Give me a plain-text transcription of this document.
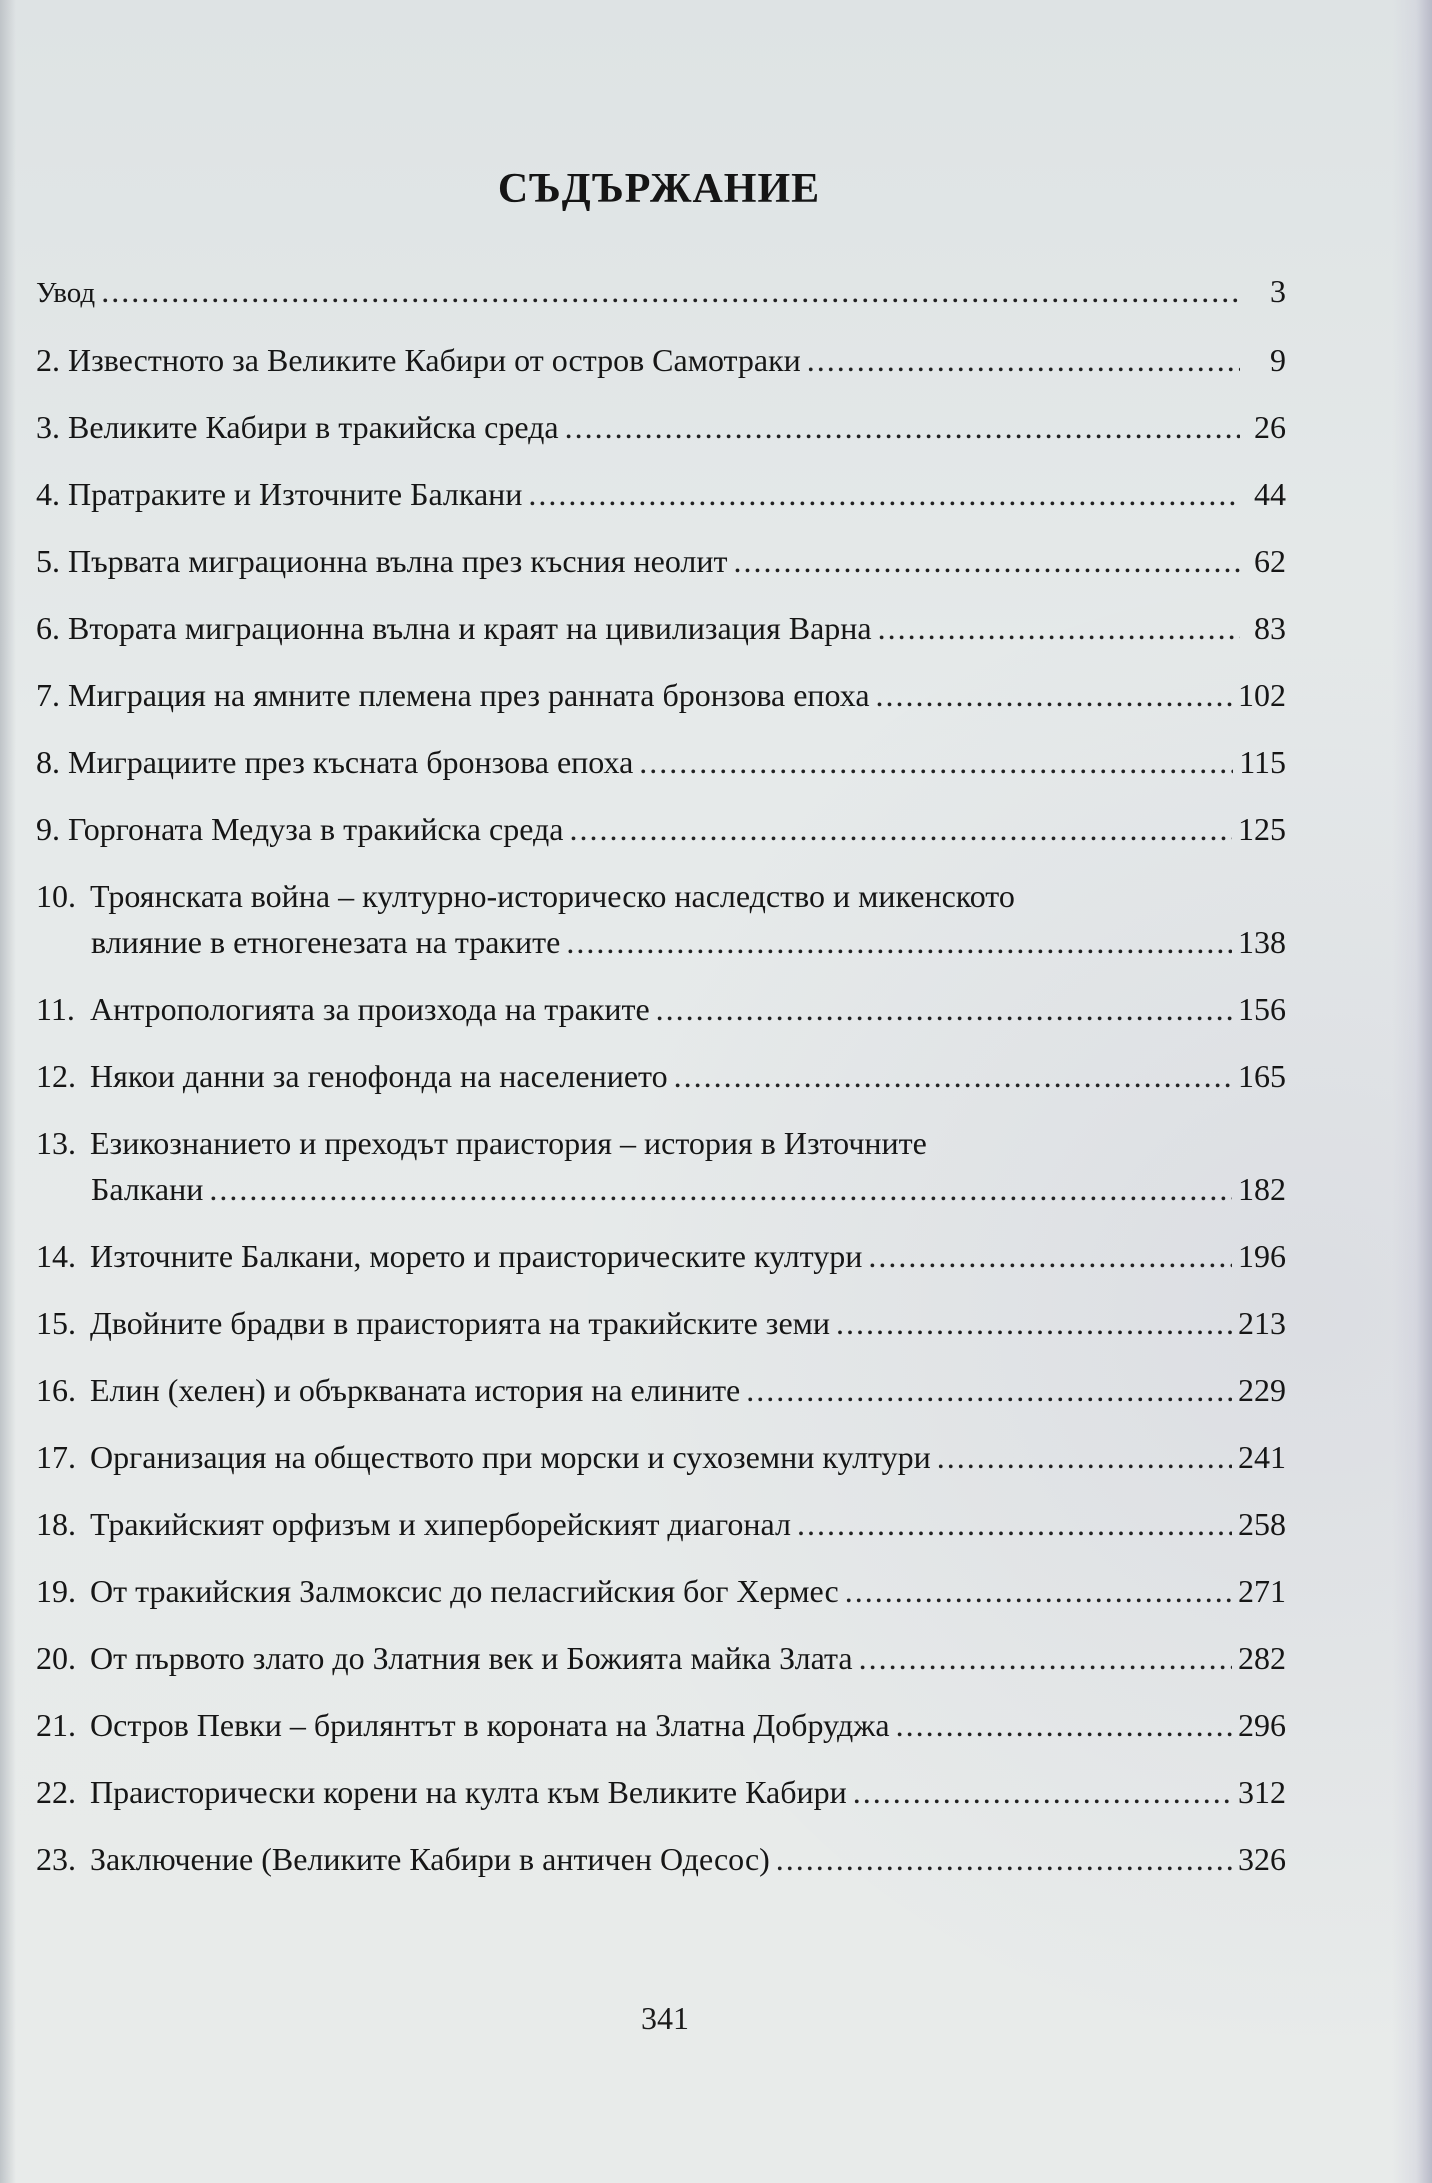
СЪДЪРЖАНИЕ
Увод .....	3
2. Известното за Великите Кабири от остров Самотраки .....	9
3. Великите Кабири в тракийска среда .....	26
4. Пратраките и Източните Балкани .....	44
5. Първата миграционна вълна през късния неолит .....	62
6. Втората миграционна вълна и краят на цивилизация Варна .....	83
7. Миграция на ямните племена през ранната бронзова епоха .....	102
8. Миграциите през късната бронзова епоха .....	115
9. Горгоната Медуза в тракийска среда .....	125
10. Троянската война – културно-историческо наследство и микенското
влияние в етногенезата на траките .....	138
11. Антропологията за произхода на траките .....	156
12. Някои данни за генофонда на населението .....	165
13. Езикознанието и преходът праистория – история в Източните
Балкани .....	182
14. Източните Балкани, морето и праисторическите култури .....	196
15. Двойните брадви в праисторията на тракийските земи .....	213
16. Елин (хелен) и объркваната история на елините .....	229
17. Организация на обществото при морски и сухоземни култури .....	241
18. Тракийският орфизъм и хиперборейският диагонал .....	258
19. От тракийския Залмоксис до пеласгийския бог Хермес .....	271
20. От първото злато до Златния век и Божията майка Злата .....	282
21. Остров Певки – брилянтът в короната на Златна Добруджа .....	296
22. Праисторически корени на култа към Великите Кабири .....	312
23. Заключение (Великите Кабири в античен Одесос) .....	326
341
